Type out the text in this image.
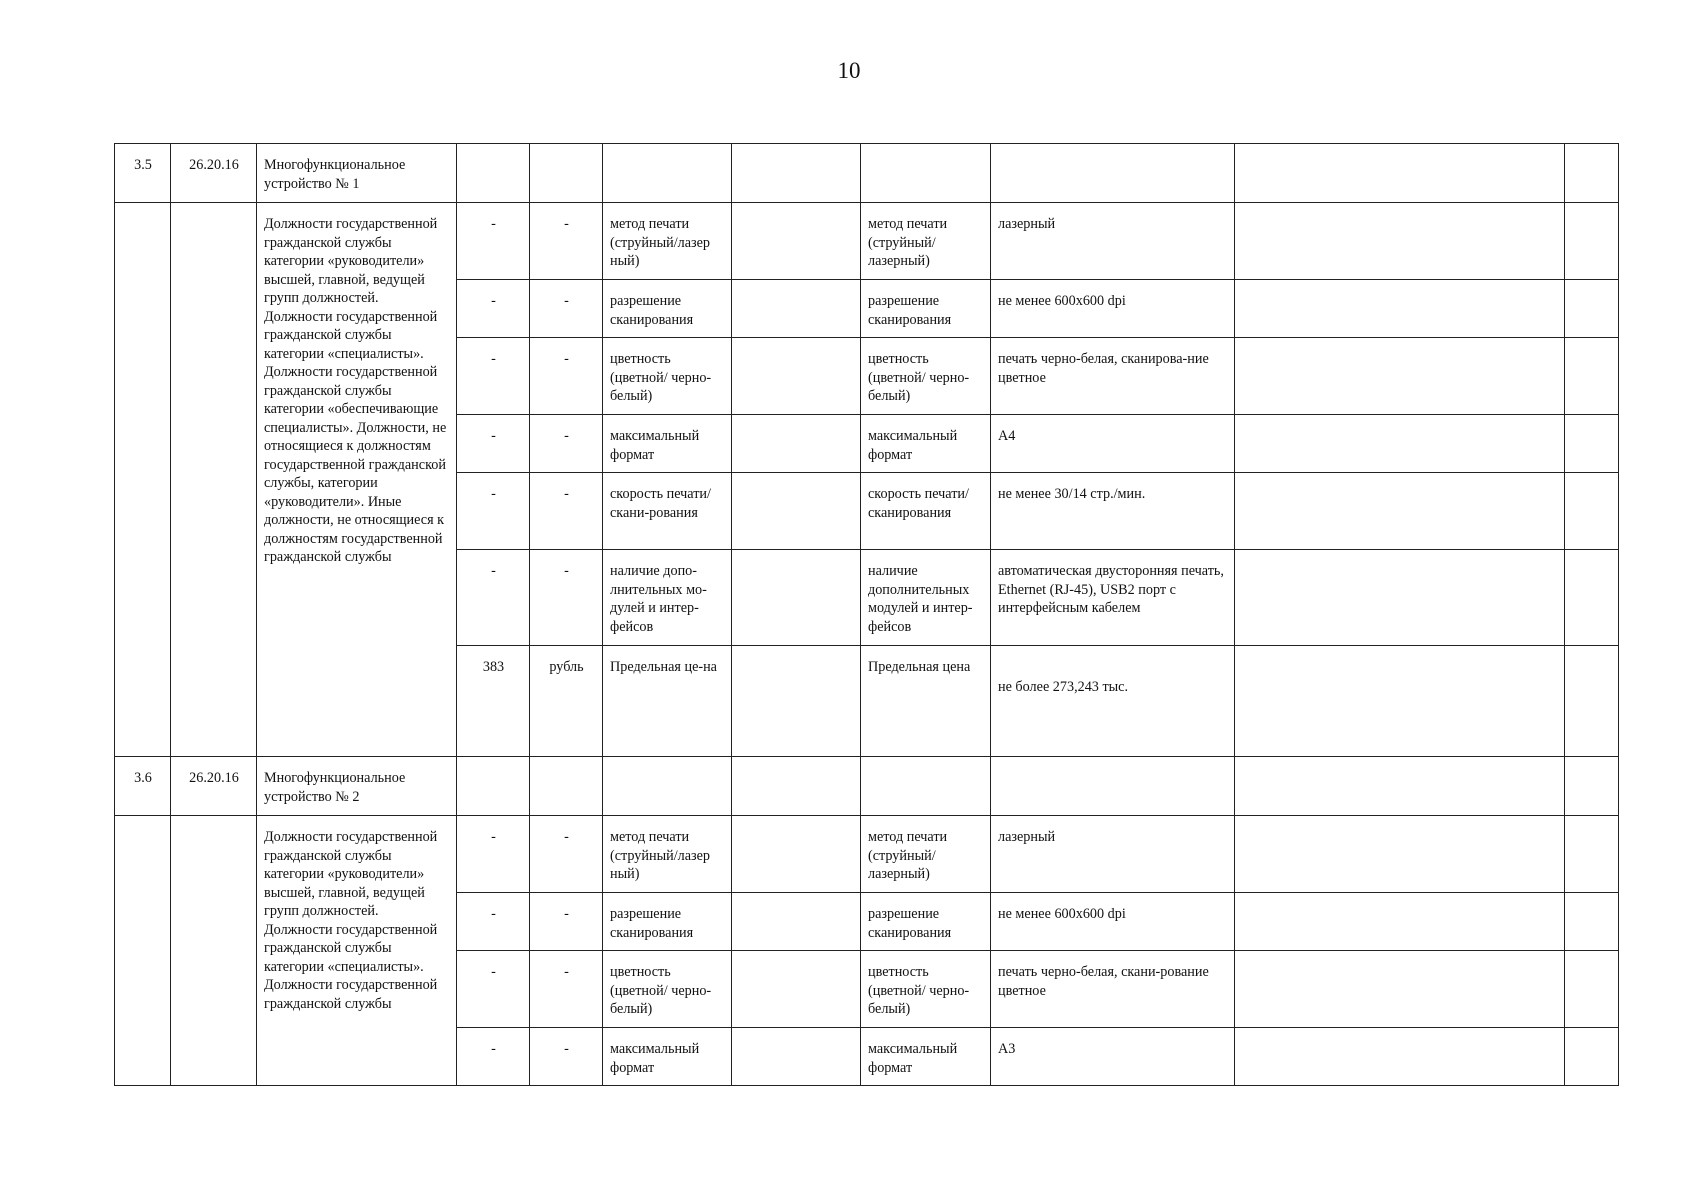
10
3.5	26.20.16	Многофункциональное устройство № 1								
		Должности государственной гражданской службы категории «руководители» высшей, главной, ведущей групп должностей. Должности государственной гражданской службы категории «специалисты». Должности государственной гражданской службы категории «обеспечивающие специалисты». Должности, не относящиеся к должностям государственной гражданской службы, категории «руководители». Иные должности, не относящиеся к должностям государственной гражданской службы	-	-	метод печати (струйный/лазер ный)		метод печати (струйный/ лазерный)	лазерный		
			-	-	разрешение сканирования		разрешение сканирования	не менее 600х600 dpi		
			-	-	цветность (цветной/ черно-белый)		цветность (цветной/ черно-белый)	печать черно-белая, сканирова-ние цветное		
			-	-	максимальный формат		максимальный формат	А4		
			-	-	скорость печати/ скани-рования		скорость печати/ сканирования	не менее 30/14 стр./мин.		
			-	-	наличие допо-лнительных мо-дулей и интер-фейсов		наличие дополнительных модулей и интер-фейсов	автоматическая двусторонняя печать, Ethernet (RJ-45), USB2 порт с интерфейсным кабелем		
			383	рубль	Предельная це-на		Предельная цена	не более 273,243 тыс.		

3.6	26.20.16	Многофункциональное устройство № 2								
		Должности государственной гражданской службы категории «руководители» высшей, главной, ведущей групп должностей. Должности государственной гражданской службы категории «специалисты». Должности государственной гражданской службы	-	-	метод печати (струйный/лазер ный)		метод печати (струйный/ лазерный)	лазерный		
			-	-	разрешение сканирования		разрешение сканирования	не менее 600х600 dpi		
			-	-	цветность (цветной/ черно-белый)		цветность (цветной/ черно-белый)	печать черно-белая, скани-рование цветное		
			-	-	максимальный формат		максимальный формат	А3		
